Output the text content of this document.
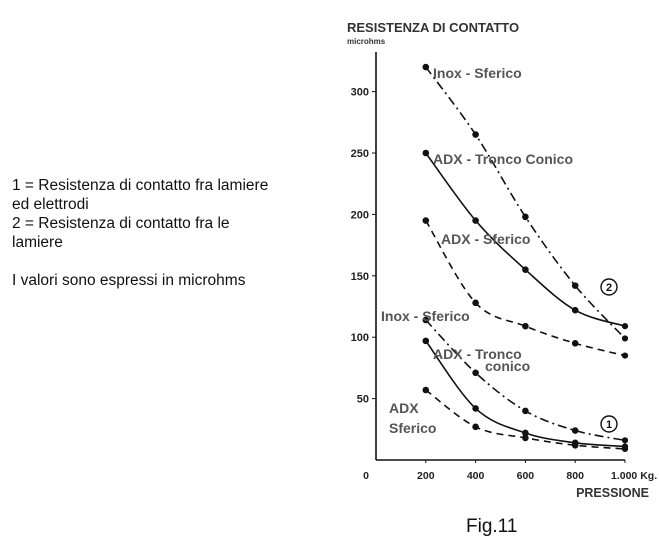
1 = Resistenza di contatto fra lamiere
ed elettrodi
2 = Resistenza di contatto fra le
lamiere
I valori sono espressi in microhms
RESISTENZA DI CONTATTO
microhms
PRESSIONE
50
100
150
200
250
300
0	200	400	600	800	1.000 Kg.
Inox - Sferico
ADX - Tronco Conico
ADX - Sferico
Inox - Sferico
ADX - Tronco
conico
ADX
Sferico
2
1
Fig.11
